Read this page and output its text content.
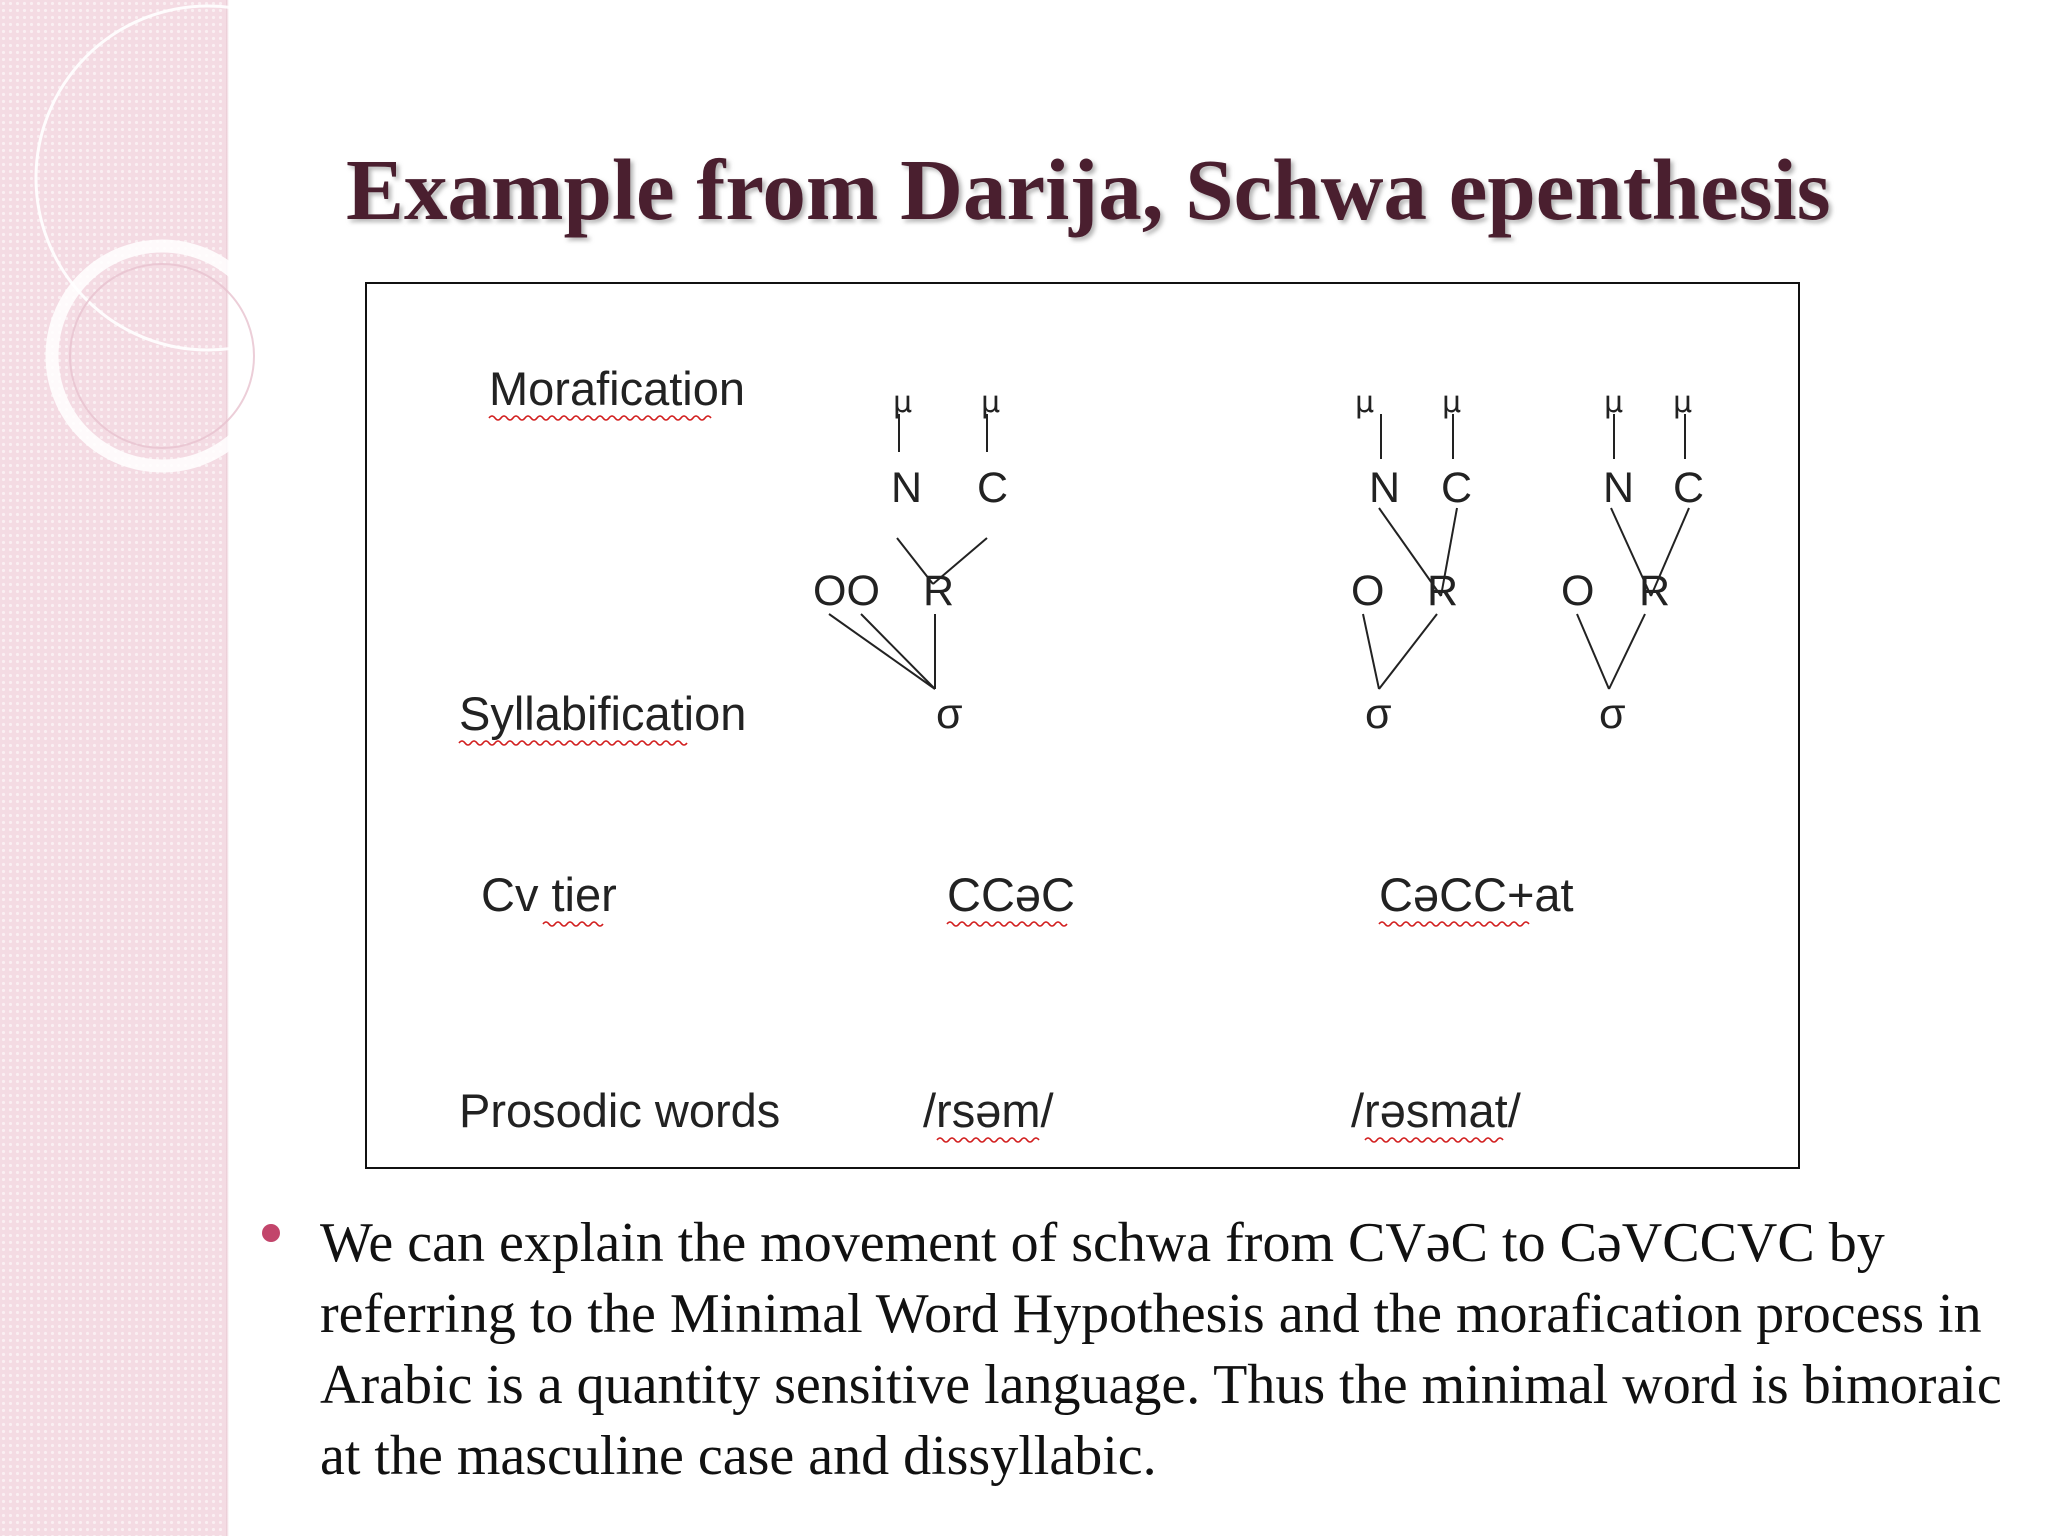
Example from Darija, Schwa epenthesis
Morafication
Syllabification
Cv tier
Prosodic words
μ μ
N C
OO R
σ
μ μ
N C
O R
σ
μ μ
N C
O R
σ
CCəC	CəCC+at
/rsəm/	/rəsmat/
We can explain the movement of schwa from CVəC to CəVCCVC by referring to the Minimal Word Hypothesis and the morafication process in Arabic is a quantity sensitive language. Thus the minimal word is bimoraic at the masculine case and dissyllabic.
